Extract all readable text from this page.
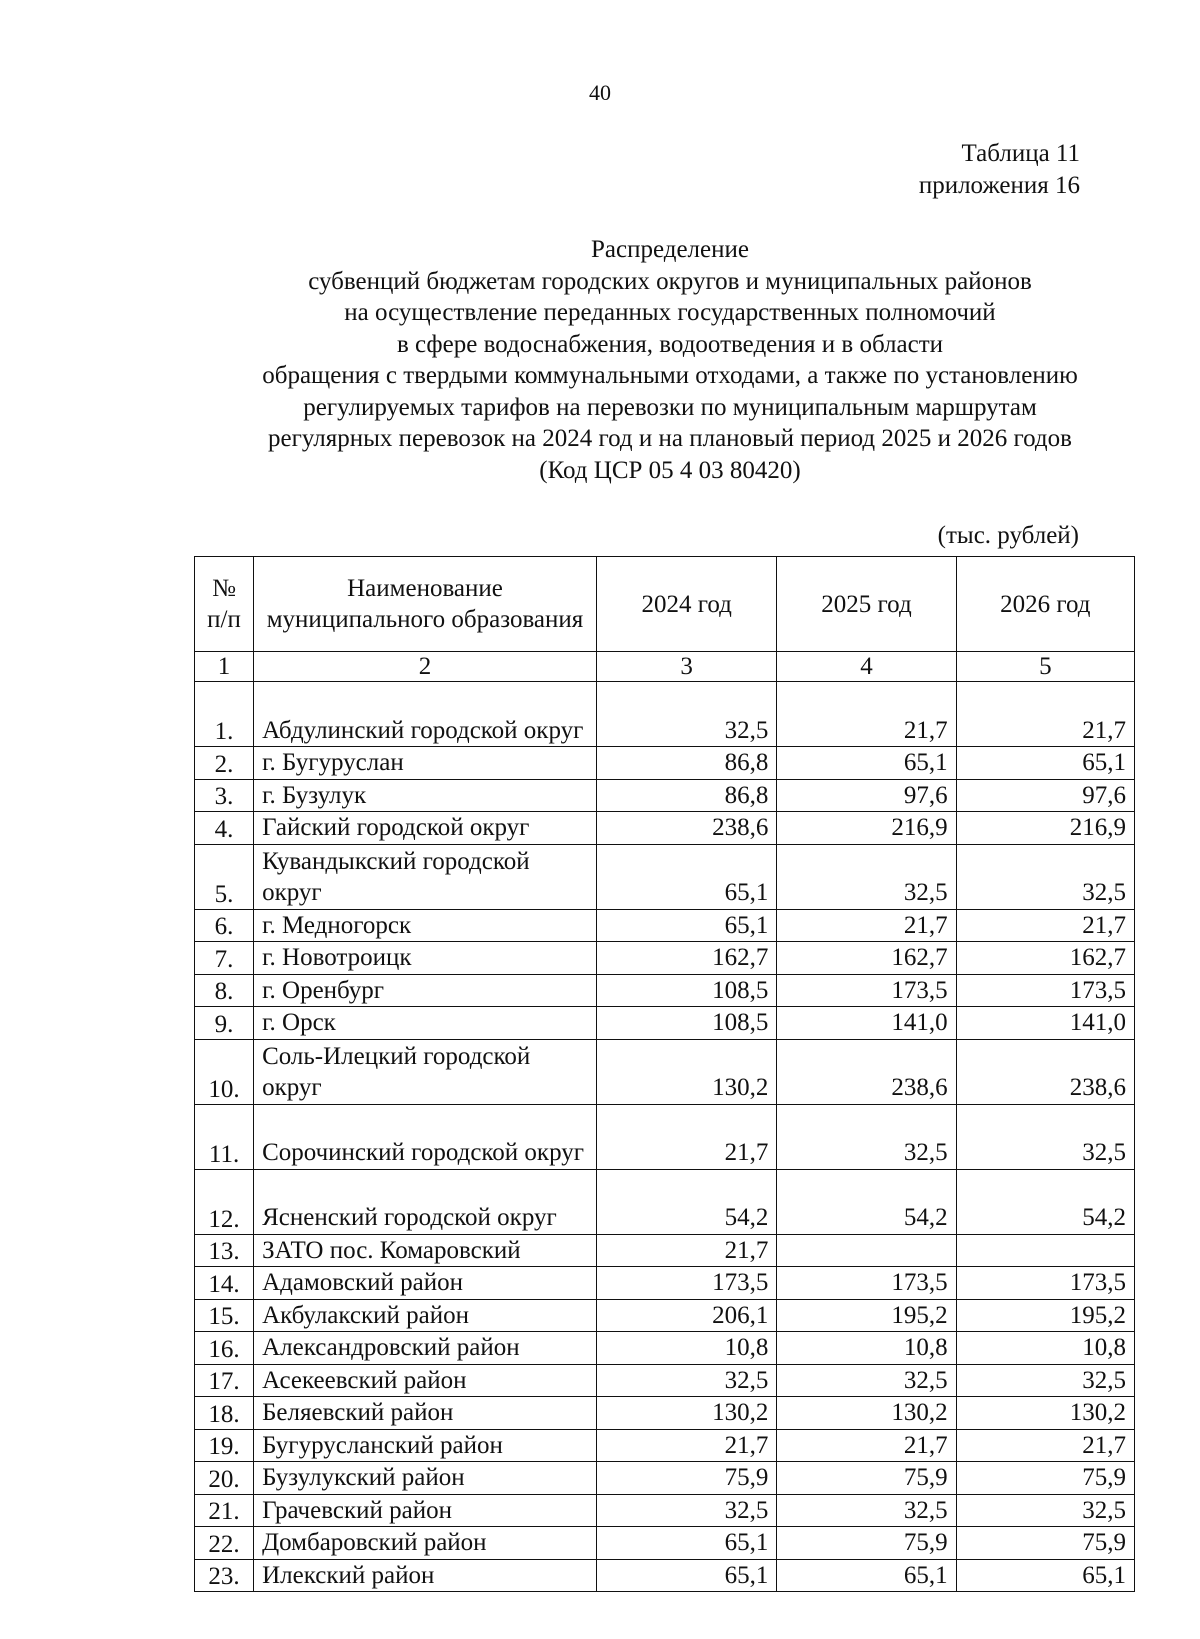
40
Таблица 11
приложения 16
Распределение
субвенций бюджетам городских округов и муниципальных районов
на осуществление переданных государственных полномочий
в сфере водоснабжения, водоотведения и в области
обращения с твердыми коммунальными отходами, а также по установлению
регулируемых тарифов на перевозки по муниципальным маршрутам
регулярных перевозок на 2024 год и на плановый период 2025 и 2026 годов
(Код ЦСР 05 4 03 80420)
(тыс. рублей)
№ п/п	Наименование муниципального образования	2024 год	2025 год	2026 год
1	2	3	4	5
1.	Абдулинский городской округ	32,5	21,7	21,7
2.	г. Бугуруслан	86,8	65,1	65,1
3.	г. Бузулук	86,8	97,6	97,6
4.	Гайский городской округ	238,6	216,9	216,9
5.	Кувандыкский городской округ	65,1	32,5	32,5
6.	г. Медногорск	65,1	21,7	21,7
7.	г. Новотроицк	162,7	162,7	162,7
8.	г. Оренбург	108,5	173,5	173,5
9.	г. Орск	108,5	141,0	141,0
10.	Соль-Илецкий городской округ	130,2	238,6	238,6
11.	Сорочинский городской округ	21,7	32,5	32,5
12.	Ясненский городской округ	54,2	54,2	54,2
13.	ЗАТО пос. Комаровский	21,7		
14.	Адамовский район	173,5	173,5	173,5
15.	Акбулакский район	206,1	195,2	195,2
16.	Александровский район	10,8	10,8	10,8
17.	Асекеевский район	32,5	32,5	32,5
18.	Беляевский район	130,2	130,2	130,2
19.	Бугурусланский район	21,7	21,7	21,7
20.	Бузулукский район	75,9	75,9	75,9
21.	Грачевский район	32,5	32,5	32,5
22.	Домбаровский район	65,1	75,9	75,9
23.	Илекский район	65,1	65,1	65,1
